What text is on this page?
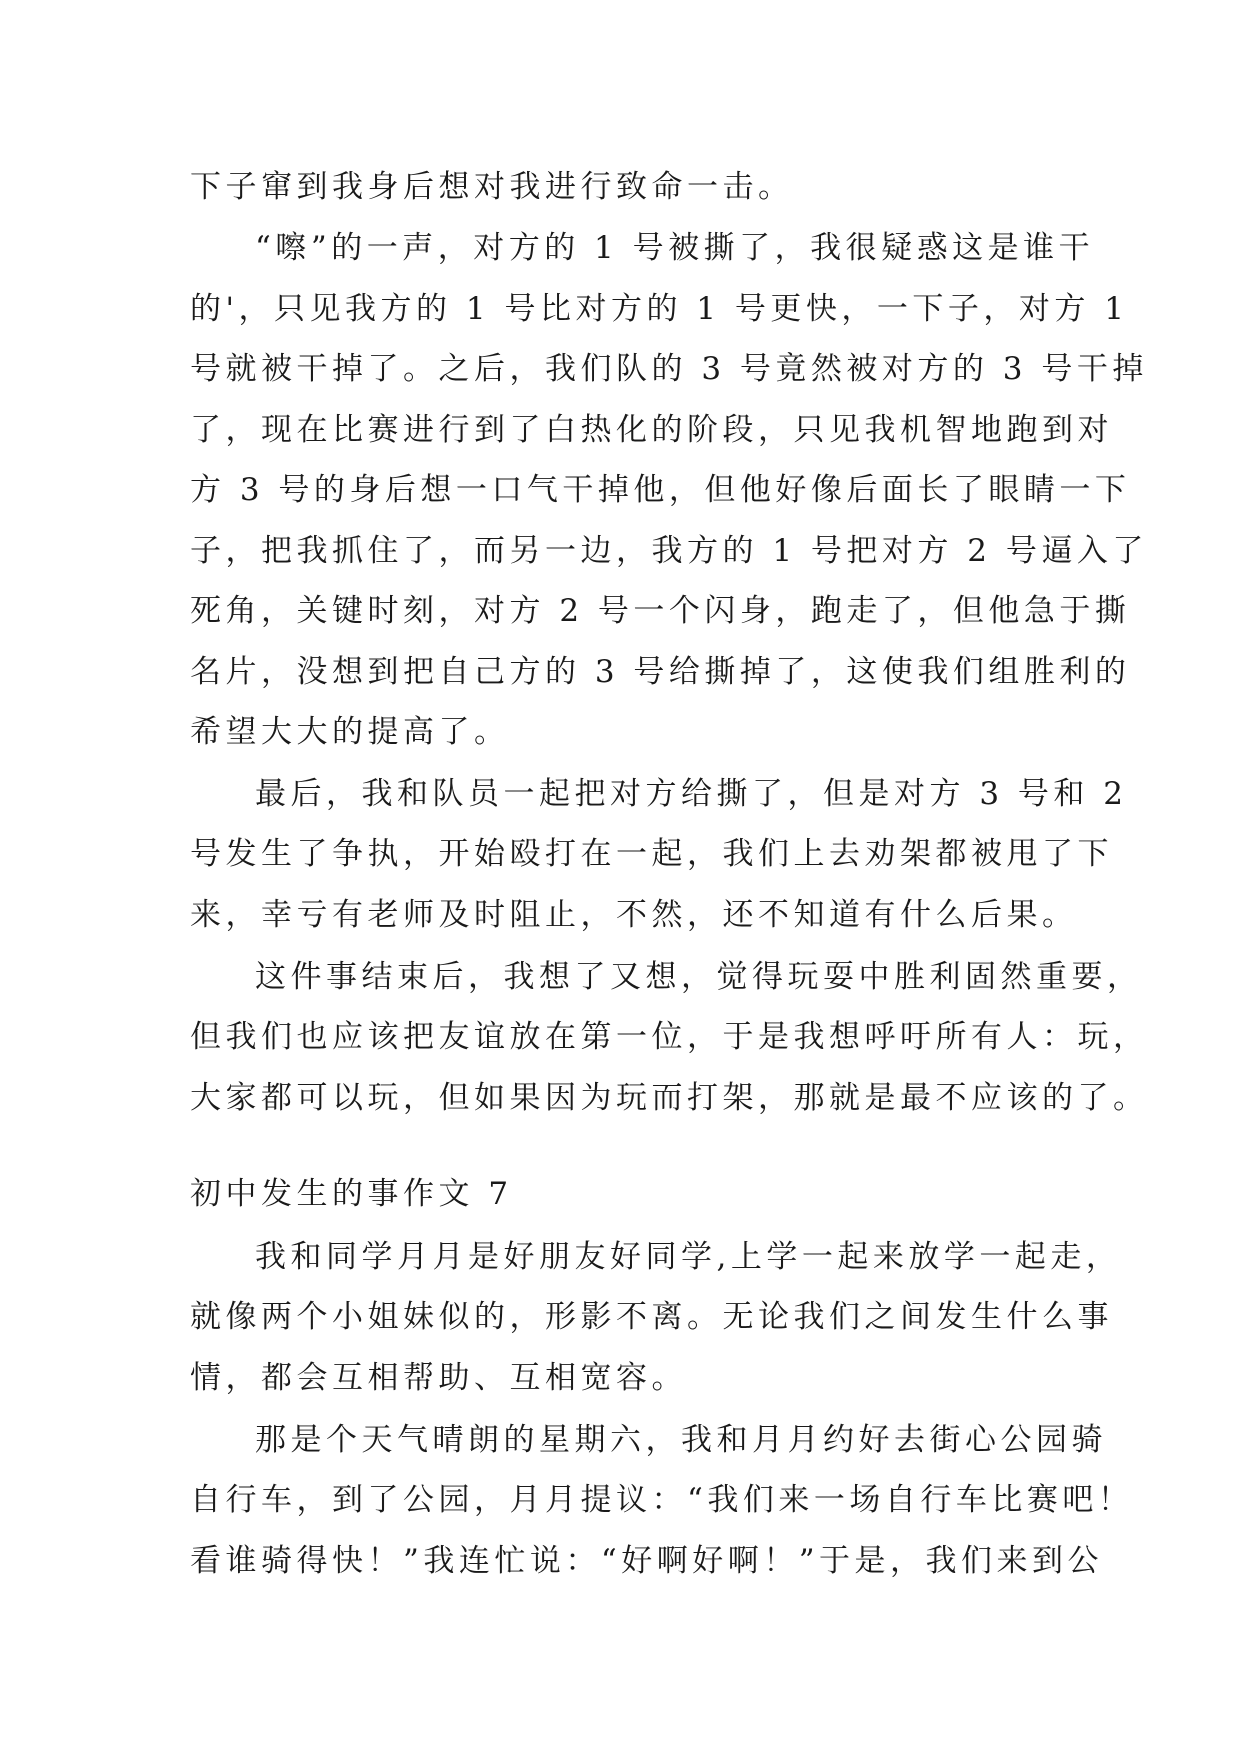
下子窜到我身后想对我进行致命一击。
“嚓”的一声，对方的 1 号被撕了，我很疑惑这是谁干
的'，只见我方的 1 号比对方的 1 号更快，一下子，对方 1
号就被干掉了。之后，我们队的 3 号竟然被对方的 3 号干掉
了，现在比赛进行到了白热化的阶段，只见我机智地跑到对
方 3 号的身后想一口气干掉他，但他好像后面长了眼睛一下
子，把我抓住了，而另一边，我方的 1 号把对方 2 号逼入了
死角，关键时刻，对方 2 号一个闪身，跑走了，但他急于撕
名片，没想到把自己方的 3 号给撕掉了，这使我们组胜利的
希望大大的提高了。
最后，我和队员一起把对方给撕了，但是对方 3 号和 2
号发生了争执，开始殴打在一起，我们上去劝架都被甩了下
来，幸亏有老师及时阻止，不然，还不知道有什么后果。
这件事结束后，我想了又想，觉得玩耍中胜利固然重要，
但我们也应该把友谊放在第一位，于是我想呼吁所有人：玩，
大家都可以玩，但如果因为玩而打架，那就是最不应该的了。
初中发生的事作文 7
我和同学月月是好朋友好同学,上学一起来放学一起走，
就像两个小姐妹似的，形影不离。无论我们之间发生什么事
情，都会互相帮助、互相宽容。
那是个天气晴朗的星期六，我和月月约好去街心公园骑
自行车，到了公园，月月提议：“我们来一场自行车比赛吧！
看谁骑得快！”我连忙说：“好啊好啊！”于是，我们来到公
